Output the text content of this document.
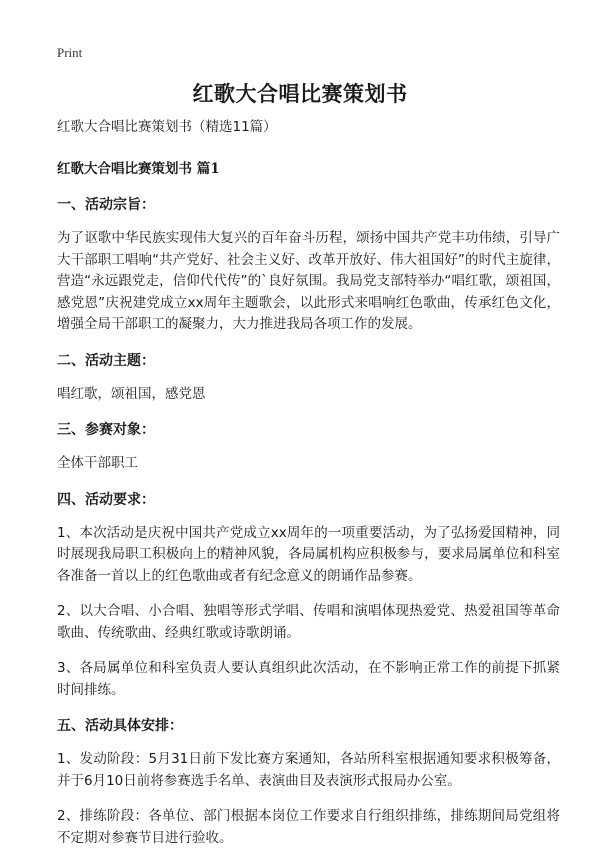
Print
红歌大合唱比赛策划书

红歌大合唱比赛策划书（精选11篇）

红歌大合唱比赛策划书 篇1

一、活动宗旨：

为了讴歌中华民族实现伟大复兴的百年奋斗历程，颂扬中国共产党丰功伟绩，引导广大干部职工唱响“共产党好、社会主义好、改革开放好、伟大祖国好”的时代主旋律，营造“永远跟党走，信仰代代传”的`良好氛围。我局党支部特举办“唱红歌，颂祖国，感党恩”庆祝建党成立xx周年主题歌会，以此形式来唱响红色歌曲，传承红色文化，增强全局干部职工的凝聚力，大力推进我局各项工作的发展。

二、活动主题：

唱红歌，颂祖国，感党恩

三、参赛对象：

全体干部职工

四、活动要求：

1、本次活动是庆祝中国共产党成立xx周年的一项重要活动，为了弘扬爱国精神，同时展现我局职工积极向上的精神风貌，各局属机构应积极参与，要求局属单位和科室各准备一首以上的红色歌曲或者有纪念意义的朗诵作品参赛。

2、以大合唱、小合唱、独唱等形式学唱、传唱和演唱体现热爱党、热爱祖国等革命歌曲、传统歌曲、经典红歌或诗歌朗诵。

3、各局属单位和科室负责人要认真组织此次活动，在不影响正常工作的前提下抓紧时间排练。

五、活动具体安排：

1、发动阶段：5月31日前下发比赛方案通知，各站所科室根据通知要求积极筹备，并于6月10日前将参赛选手名单、表演曲目及表演形式报局办公室。

2、排练阶段：各单位、部门根据本岗位工作要求自行组织排练，排练期间局党组将不定期对参赛节目进行验收。
